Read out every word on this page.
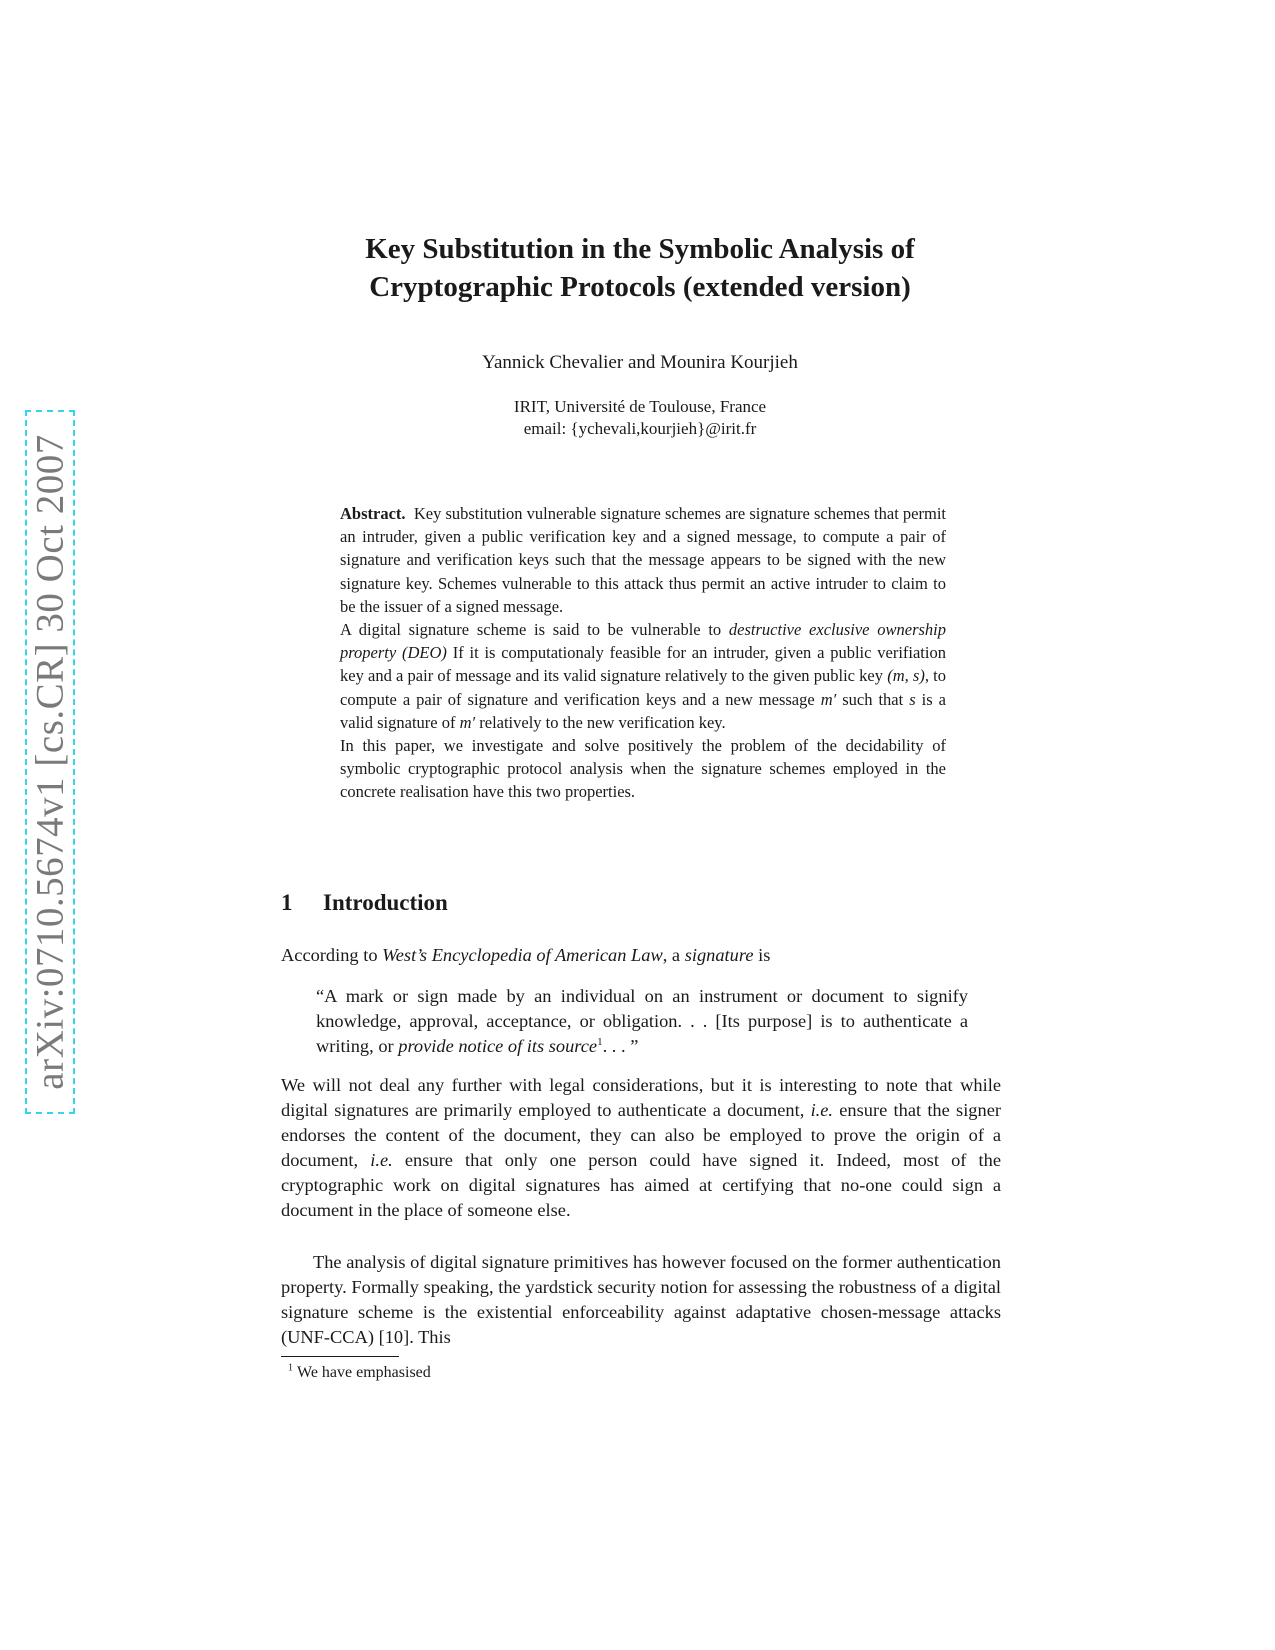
arXiv:0710.5674v1 [cs.CR] 30 Oct 2007
Key Substitution in the Symbolic Analysis of
Cryptographic Protocols (extended version)
Yannick Chevalier and Mounira Kourjieh
IRIT, Université de Toulouse, France
email: {ychevali,kourjieh}@irit.fr

Abstract. Key substitution vulnerable signature schemes are signature schemes that permit an intruder, given a public verification key and a signed message, to compute a pair of signature and verification keys such that the message appears to be signed with the new signature key. Schemes vulnerable to this attack thus permit an active intruder to claim to be the issuer of a signed message.

A digital signature scheme is said to be vulnerable to destructive exclusive ownership property (DEO) If it is computationaly feasible for an intruder, given a public verifiation key and a pair of message and its valid signature relatively to the given public key (m, s), to compute a pair of signature and verification keys and a new message m′ such that s is a valid signature of m′ relatively to the new verification key.

In this paper, we investigate and solve positively the problem of the decidability of symbolic cryptographic protocol analysis when the signature schemes employed in the concrete realisation have this two properties.

1 Introduction

According to West’s Encyclopedia of American Law, a signature is

“A mark or sign made by an individual on an instrument or document to signify knowledge, approval, acceptance, or obligation. . . [Its purpose] is to authenticate a writing, or provide notice of its source$^1$. . . ”

We will not deal any further with legal considerations, but it is interesting to note that while digital signatures are primarily employed to authenticate a document, i.e. ensure that the signer endorses the content of the document, they can also be employed to prove the origin of a document, i.e. ensure that only one person could have signed it. Indeed, most of the cryptographic work on digital signatures has aimed at certifying that no-one could sign a document in the place of someone else.

The analysis of digital signature primitives has however focused on the former authentication property. Formally speaking, the yardstick security notion for assessing the robustness of a digital signature scheme is the existential enforceability against adaptative chosen-message attacks (UNF-CCA) [10]. This

$^1$ We have emphasised
